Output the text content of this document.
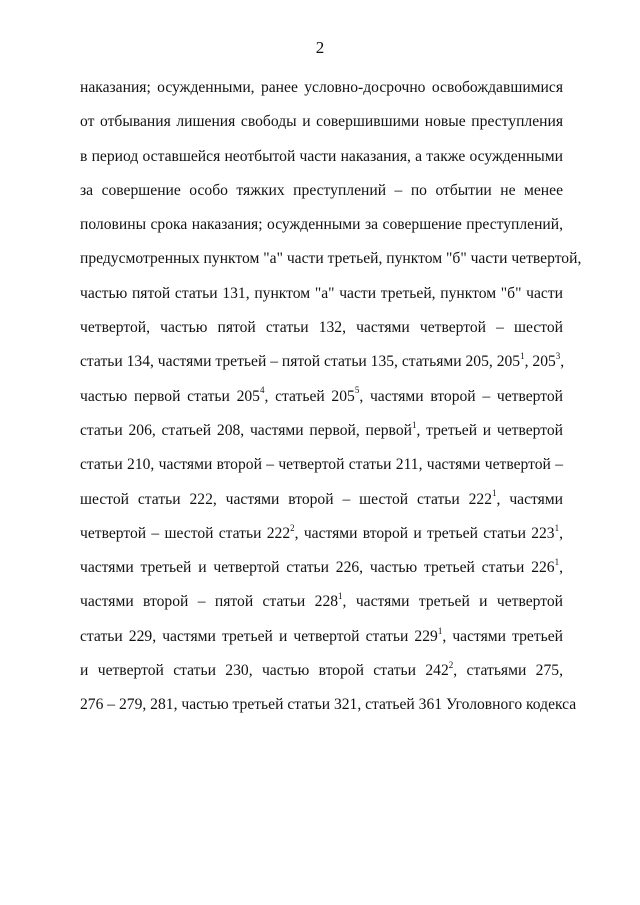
2
наказания; осужденными, ранее условно-досрочно освобождавшимися
от отбывания лишения свободы и совершившими новые преступления
в период оставшейся неотбытой части наказания, а также осужденными
за совершение особо тяжких преступлений – по отбытии не менее
половины срока наказания; осужденными за совершение преступлений,
предусмотренных пунктом "а" части третьей, пунктом "б" части четвертой,
частью пятой статьи 131, пунктом "а" части третьей, пунктом "б" части
четвертой, частью пятой статьи 132, частями четвертой – шестой
статьи 134, частями третьей – пятой статьи 135, статьями 205, $205^1$, $205^3$,
частью первой статьи $205^4$, статьей $205^5$, частями второй – четвертой
статьи 206, статьей 208, частями первой, первой$^1$, третьей и четвертой
статьи 210, частями второй – четвертой статьи 211, частями четвертой –
шестой статьи 222, частями второй – шестой статьи $222^1$, частями
четвертой – шестой статьи $222^2$, частями второй и третьей статьи $223^1$,
частями третьей и четвертой статьи 226, частью третьей статьи $226^1$,
частями второй – пятой статьи $228^1$, частями третьей и четвертой
статьи 229, частями третьей и четвертой статьи $229^1$, частями третьей
и четвертой статьи 230, частью второй статьи $242^2$, статьями 275,
276 – 279, 281, частью третьей статьи 321, статьей 361 Уголовного кодекса
